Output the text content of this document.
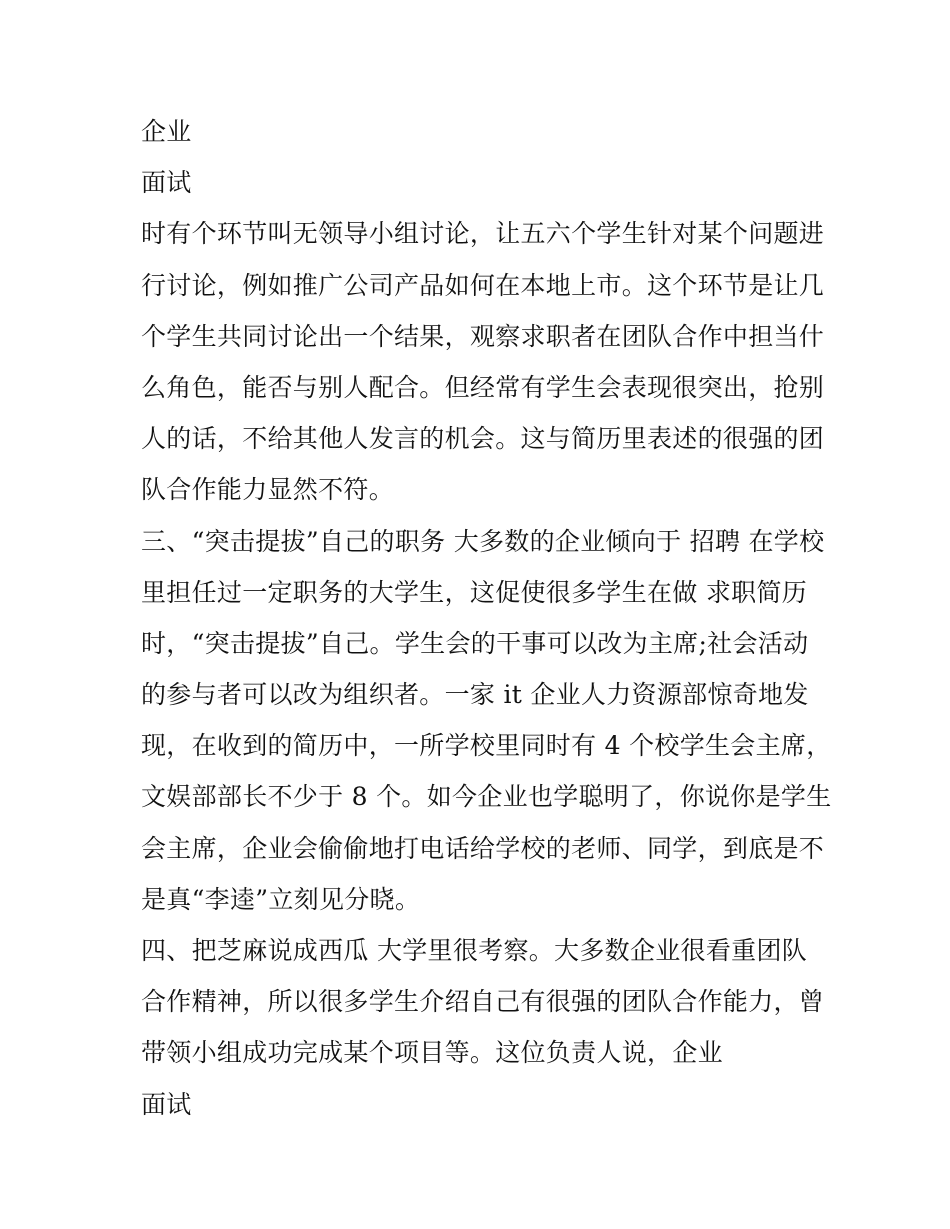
企业
面试
时有个环节叫无领导小组讨论，让五六个学生针对某个问题进
行讨论，例如推广公司产品如何在本地上市。这个环节是让几
个学生共同讨论出一个结果，观察求职者在团队合作中担当什
么角色，能否与别人配合。但经常有学生会表现很突出，抢别
人的话，不给其他人发言的机会。这与简历里表述的很强的团
队合作能力显然不符。
三、“突击提拔”自己的职务 大多数的企业倾向于 招聘 在学校
里担任过一定职务的大学生，这促使很多学生在做 求职简历
时，“突击提拔”自己。学生会的干事可以改为主席;社会活动
的参与者可以改为组织者。一家 it 企业人力资源部惊奇地发
现，在收到的简历中，一所学校里同时有 4 个校学生会主席，
文娱部部长不少于 8 个。如今企业也学聪明了，你说你是学生
会主席，企业会偷偷地打电话给学校的老师、同学，到底是不
是真“李逵”立刻见分晓。
四、把芝麻说成西瓜 大学里很考察。大多数企业很看重团队
合作精神，所以很多学生介绍自己有很强的团队合作能力，曾
带领小组成功完成某个项目等。这位负责人说，企业
面试
